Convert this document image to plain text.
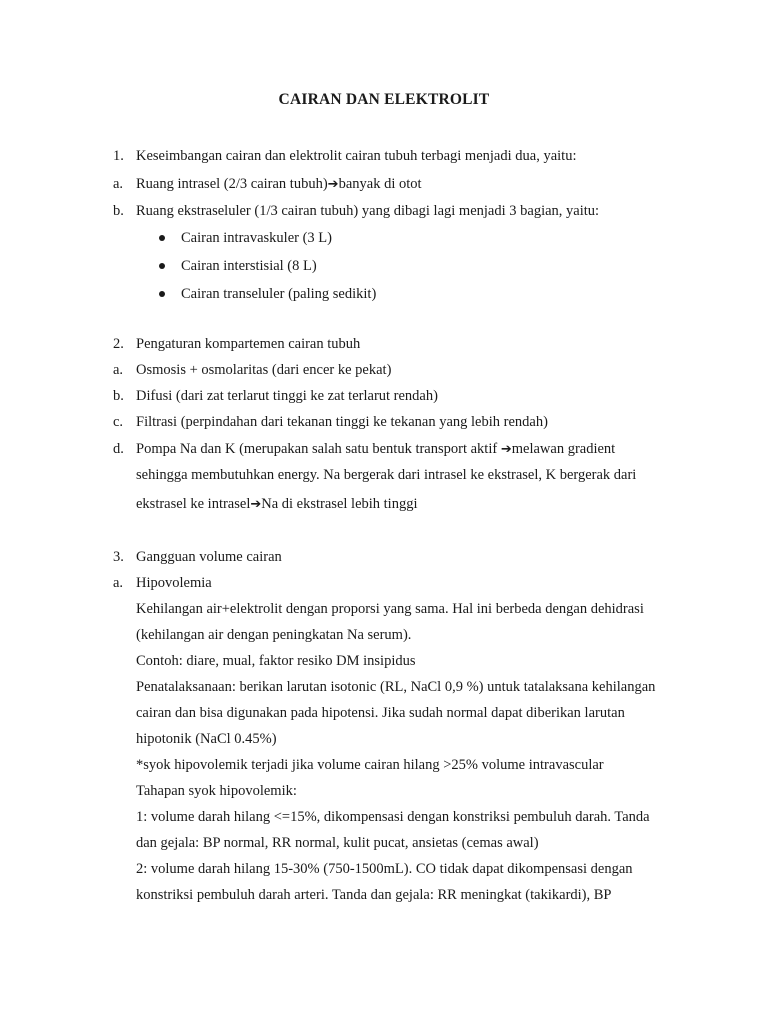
CAIRAN DAN ELEKTROLIT
1. Keseimbangan cairan dan elektrolit cairan tubuh terbagi menjadi dua, yaitu:
a. Ruang intrasel (2/3 cairan tubuh)➔banyak di otot
b. Ruang ekstraseluler (1/3 cairan tubuh) yang dibagi lagi menjadi 3 bagian, yaitu:
Cairan intravaskuler (3 L)
Cairan interstisial (8 L)
Cairan transeluler (paling sedikit)
2. Pengaturan kompartemen cairan tubuh
a. Osmosis + osmolaritas (dari encer ke pekat)
b. Difusi (dari zat terlarut tinggi ke zat terlarut rendah)
c. Filtrasi (perpindahan dari tekanan tinggi ke tekanan yang lebih rendah)
d. Pompa Na dan K (merupakan salah satu bentuk transport aktif ➔melawan gradient
sehingga membutuhkan energy. Na bergerak dari intrasel ke ekstrasel, K bergerak dari
ekstrasel ke intrasel➔Na di ekstrasel lebih tinggi
3. Gangguan volume cairan
a. Hipovolemia
Kehilangan air+elektrolit dengan proporsi yang sama. Hal ini berbeda dengan dehidrasi
(kehilangan air dengan peningkatan Na serum).
Contoh: diare, mual, faktor resiko DM insipidus
Penatalaksanaan: berikan larutan isotonic (RL, NaCl 0,9 %) untuk tatalaksana kehilangan
cairan dan bisa digunakan pada hipotensi. Jika sudah normal dapat diberikan larutan
hipotonik (NaCl 0.45%)
*syok hipovolemik terjadi jika volume cairan hilang >25% volume intravascular
Tahapan syok hipovolemik:
1: volume darah hilang <=15%, dikompensasi dengan konstriksi pembuluh darah. Tanda
dan gejala: BP normal, RR normal, kulit pucat, ansietas (cemas awal)
2: volume darah hilang 15-30% (750-1500mL). CO tidak dapat dikompensasi dengan
konstriksi pembuluh darah arteri. Tanda dan gejala: RR meningkat (takikardi), BP
